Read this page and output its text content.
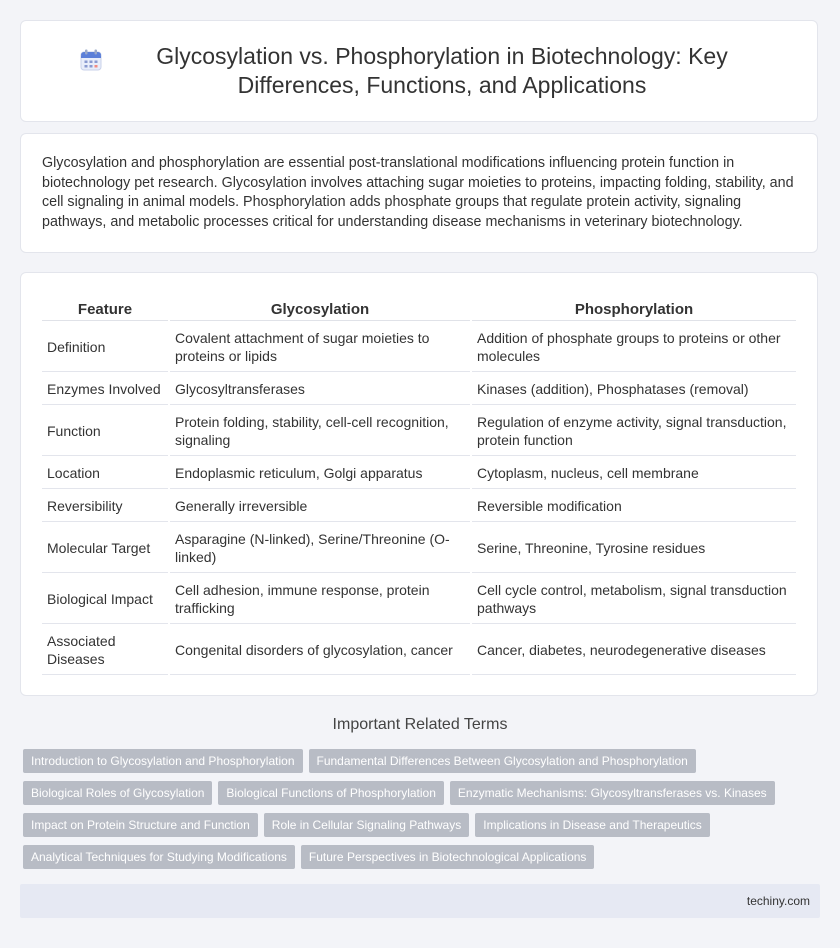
Glycosylation vs. Phosphorylation in Biotechnology: Key Differences, Functions, and Applications

Glycosylation and phosphorylation are essential post-translational modifications influencing protein function in biotechnology pet research. Glycosylation involves attaching sugar moieties to proteins, impacting folding, stability, and cell signaling in animal models. Phosphorylation adds phosphate groups that regulate protein activity, signaling pathways, and metabolic processes critical for understanding disease mechanisms in veterinary biotechnology.

Feature	Glycosylation	Phosphorylation
Definition	Covalent attachment of sugar moieties to proteins or lipids	Addition of phosphate groups to proteins or other molecules
Enzymes Involved	Glycosyltransferases	Kinases (addition), Phosphatases (removal)
Function	Protein folding, stability, cell-cell recognition, signaling	Regulation of enzyme activity, signal transduction, protein function
Location	Endoplasmic reticulum, Golgi apparatus	Cytoplasm, nucleus, cell membrane
Reversibility	Generally irreversible	Reversible modification
Molecular Target	Asparagine (N-linked), Serine/Threonine (O-linked)	Serine, Threonine, Tyrosine residues
Biological Impact	Cell adhesion, immune response, protein trafficking	Cell cycle control, metabolism, signal transduction pathways
Associated Diseases	Congenital disorders of glycosylation, cancer	Cancer, diabetes, neurodegenerative diseases
Important Related Terms
Introduction to Glycosylation and Phosphorylation Fundamental Differences Between Glycosylation and Phosphorylation
Biological Roles of Glycosylation Biological Functions of Phosphorylation Enzymatic Mechanisms: Glycosyltransferases vs. Kinases
Impact on Protein Structure and Function Role in Cellular Signaling Pathways Implications in Disease and Therapeutics
Analytical Techniques for Studying Modifications Future Perspectives in Biotechnological Applications
techiny.com
